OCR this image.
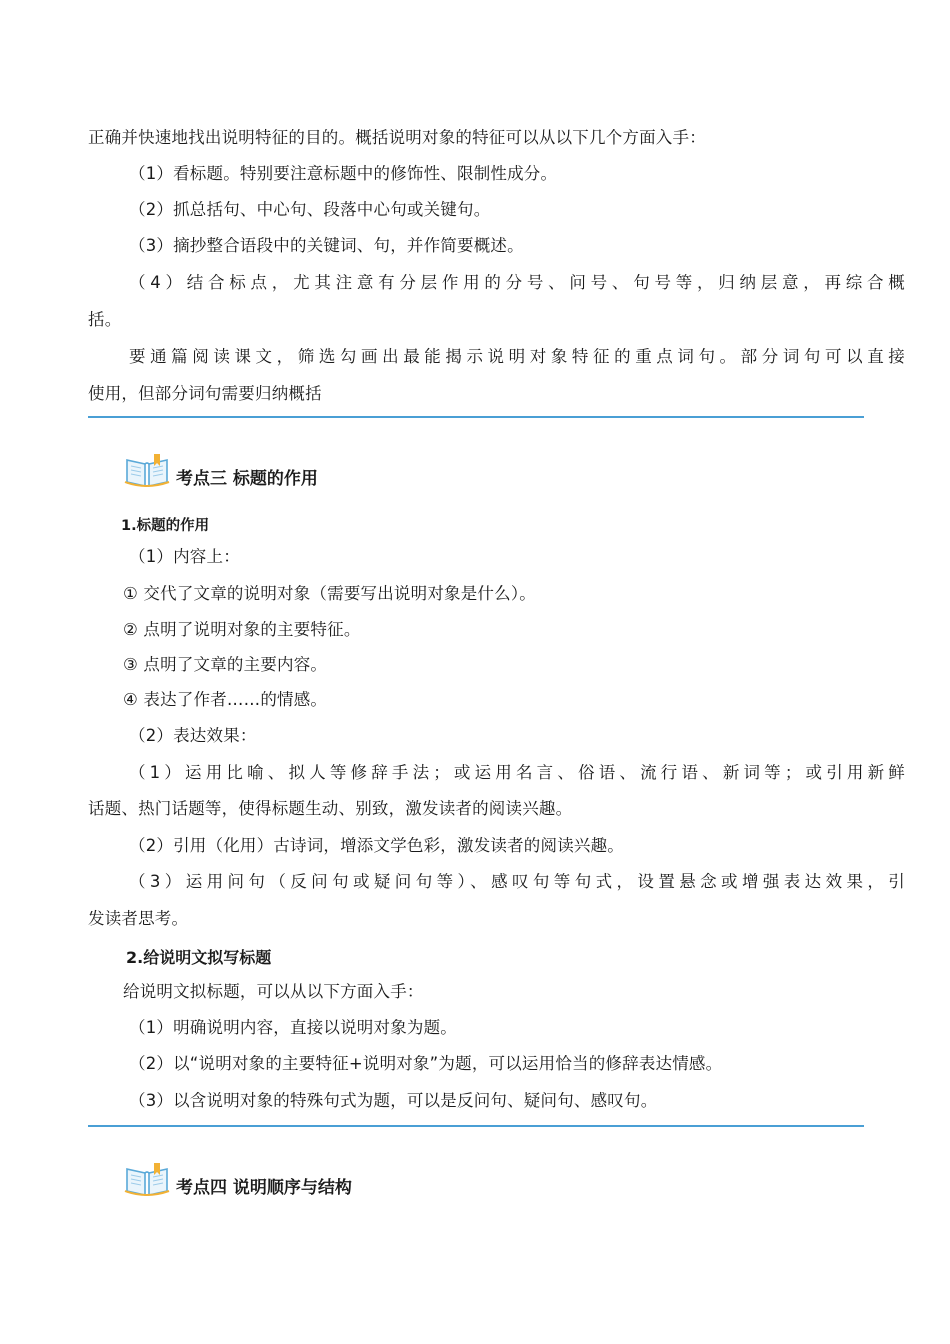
正确并快速地找出说明特征的目的。概括说明对象的特征可以从以下几个方面入手：
（1）看标题。特别要注意标题中的修饰性、限制性成分。
（2）抓总括句、中心句、段落中心句或关键句。
（3）摘抄整合语段中的关键词、句，并作简要概述。
（4）结合标点，尤其注意有分层作用的分号、问号、句号等，归纳层意，再综合概
括。
要通篇阅读课文，筛选勾画出最能揭示说明对象特征的重点词句。部分词句可以直接
使用，但部分词句需要归纳概括
考点三 标题的作用
1.标题的作用
（1）内容上：
① 交代了文章的说明对象（需要写出说明对象是什么）。
② 点明了说明对象的主要特征。
③ 点明了文章的主要内容。
④ 表达了作者……的情感。
（2）表达效果：
（1）运用比喻、拟人等修辞手法；或运用名言、俗语、流行语、新词等；或引用新鲜
话题、热门话题等，使得标题生动、别致，激发读者的阅读兴趣。
（2）引用（化用）古诗词，增添文学色彩，激发读者的阅读兴趣。
（3）运用问句（反问句或疑问句等）、感叹句等句式，设置悬念或增强表达效果，引
发读者思考。
2.给说明文拟写标题
给说明文拟标题，可以从以下方面入手：
（1）明确说明内容，直接以说明对象为题。
（2）以“说明对象的主要特征+说明对象”为题，可以运用恰当的修辞表达情感。
（3）以含说明对象的特殊句式为题，可以是反问句、疑问句、感叹句。
考点四 说明顺序与结构
